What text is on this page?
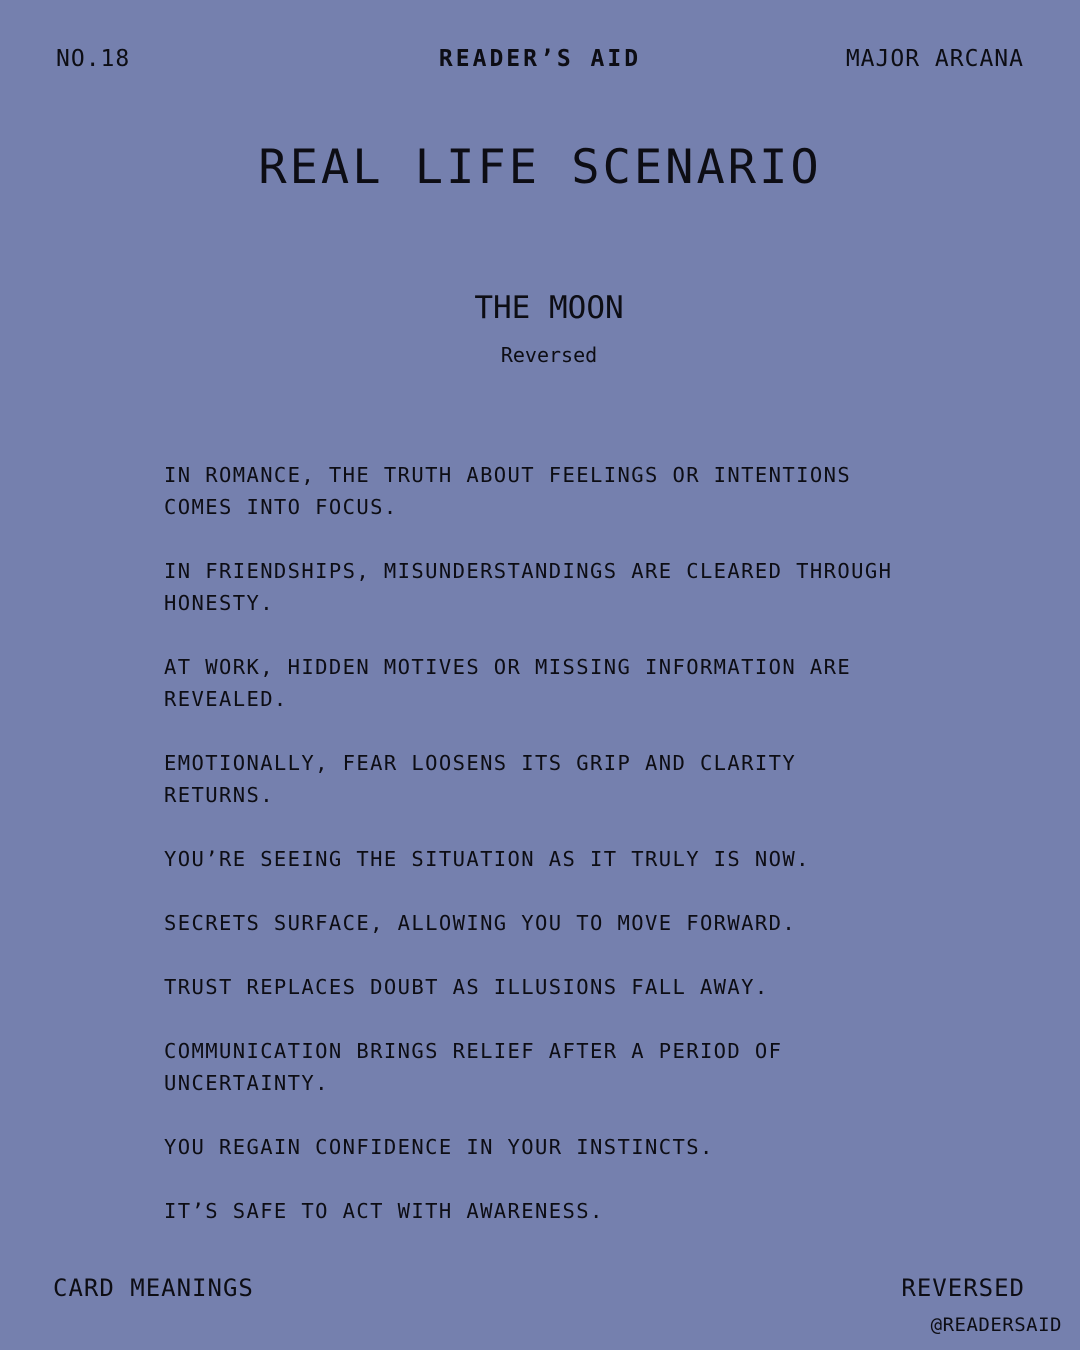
NO.18	READER’S AID	MAJOR ARCANA
REAL LIFE SCENARIO
THE MOON
Reversed
IN ROMANCE, THE TRUTH ABOUT FEELINGS OR INTENTIONS COMES INTO FOCUS.
IN FRIENDSHIPS, MISUNDERSTANDINGS ARE CLEARED THROUGH HONESTY.
AT WORK, HIDDEN MOTIVES OR MISSING INFORMATION ARE REVEALED.
EMOTIONALLY, FEAR LOOSENS ITS GRIP AND CLARITY RETURNS.
YOU’RE SEEING THE SITUATION AS IT TRULY IS NOW.
SECRETS SURFACE, ALLOWING YOU TO MOVE FORWARD.
TRUST REPLACES DOUBT AS ILLUSIONS FALL AWAY.
COMMUNICATION BRINGS RELIEF AFTER A PERIOD OF UNCERTAINTY.
YOU REGAIN CONFIDENCE IN YOUR INSTINCTS.
IT’S SAFE TO ACT WITH AWARENESS.
CARD MEANINGS	REVERSED
@READERSAID
